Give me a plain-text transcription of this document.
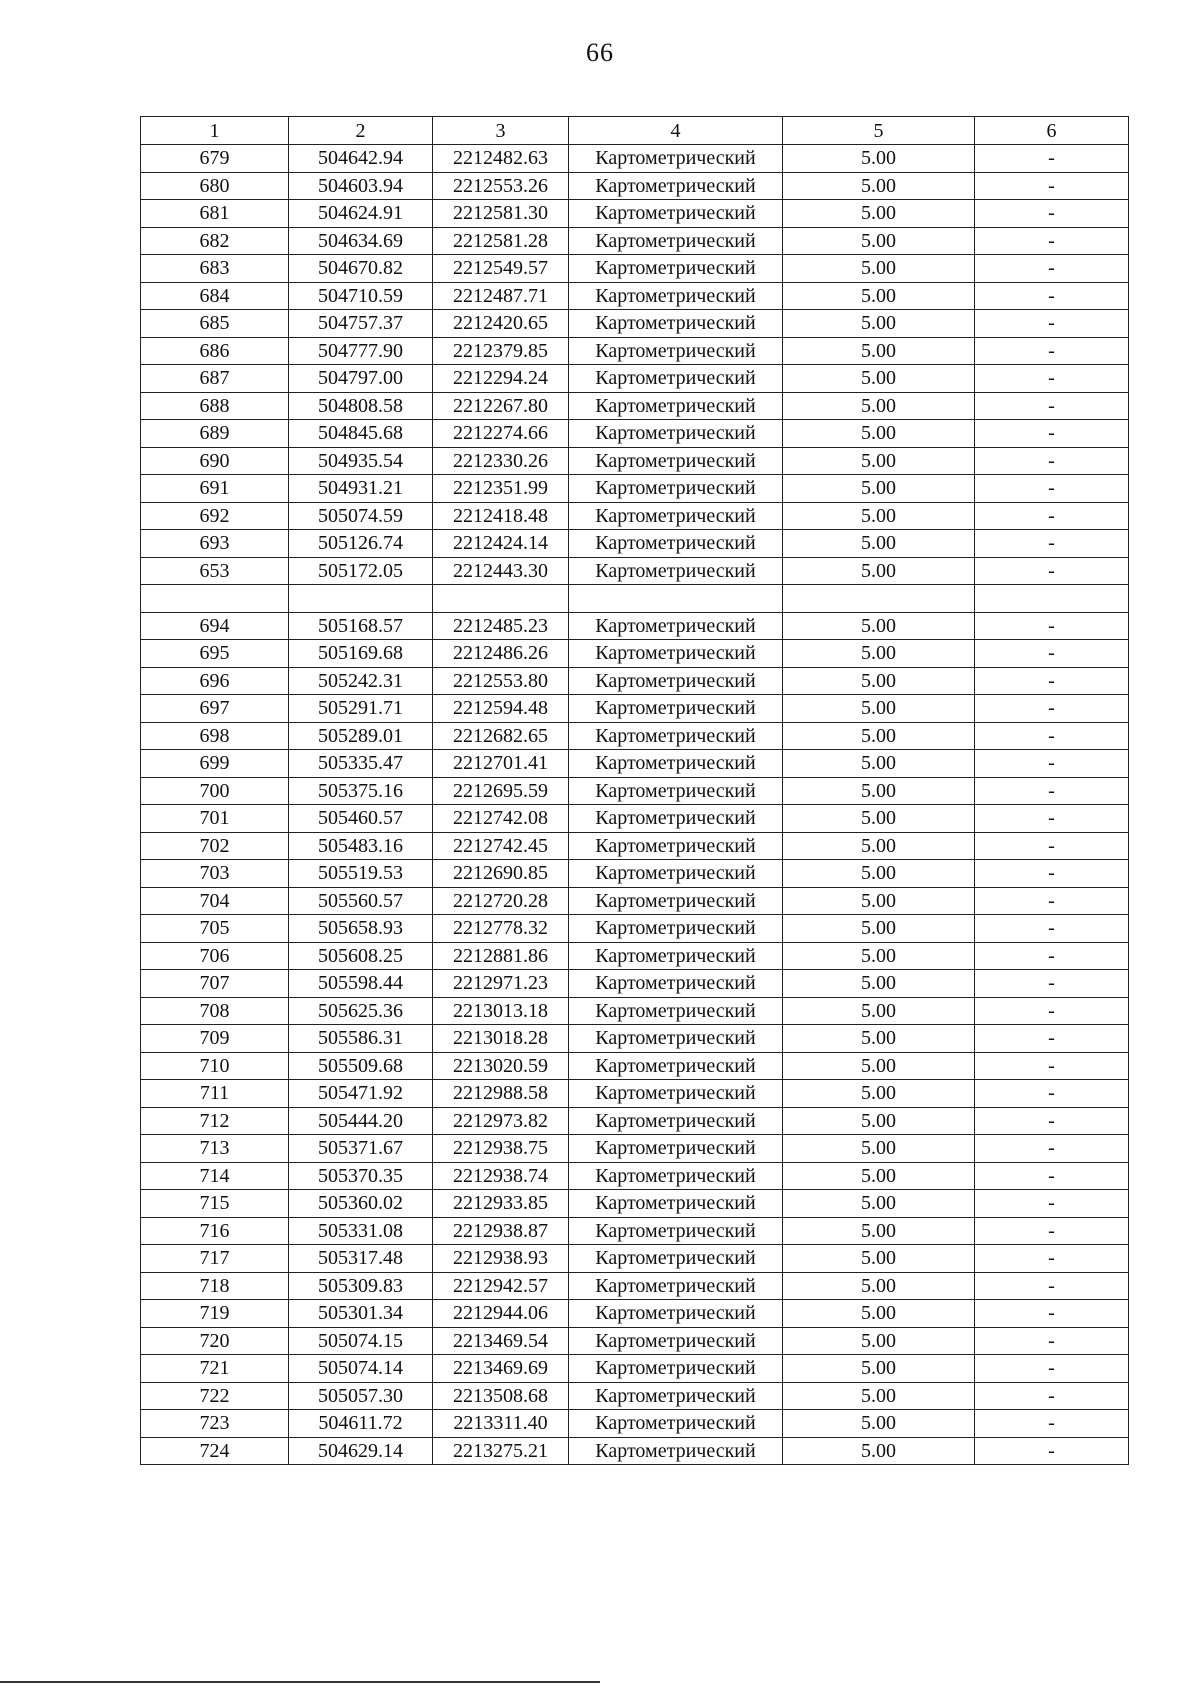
66
1	2	3	4	5	6
679	504642.94	2212482.63	Картометрический	5.00	-
680	504603.94	2212553.26	Картометрический	5.00	-
681	504624.91	2212581.30	Картометрический	5.00	-
682	504634.69	2212581.28	Картометрический	5.00	-
683	504670.82	2212549.57	Картометрический	5.00	-
684	504710.59	2212487.71	Картометрический	5.00	-
685	504757.37	2212420.65	Картометрический	5.00	-
686	504777.90	2212379.85	Картометрический	5.00	-
687	504797.00	2212294.24	Картометрический	5.00	-
688	504808.58	2212267.80	Картометрический	5.00	-
689	504845.68	2212274.66	Картометрический	5.00	-
690	504935.54	2212330.26	Картометрический	5.00	-
691	504931.21	2212351.99	Картометрический	5.00	-
692	505074.59	2212418.48	Картометрический	5.00	-
693	505126.74	2212424.14	Картометрический	5.00	-
653	505172.05	2212443.30	Картометрический	5.00	-

694	505168.57	2212485.23	Картометрический	5.00	-
695	505169.68	2212486.26	Картометрический	5.00	-
696	505242.31	2212553.80	Картометрический	5.00	-
697	505291.71	2212594.48	Картометрический	5.00	-
698	505289.01	2212682.65	Картометрический	5.00	-
699	505335.47	2212701.41	Картометрический	5.00	-
700	505375.16	2212695.59	Картометрический	5.00	-
701	505460.57	2212742.08	Картометрический	5.00	-
702	505483.16	2212742.45	Картометрический	5.00	-
703	505519.53	2212690.85	Картометрический	5.00	-
704	505560.57	2212720.28	Картометрический	5.00	-
705	505658.93	2212778.32	Картометрический	5.00	-
706	505608.25	2212881.86	Картометрический	5.00	-
707	505598.44	2212971.23	Картометрический	5.00	-
708	505625.36	2213013.18	Картометрический	5.00	-
709	505586.31	2213018.28	Картометрический	5.00	-
710	505509.68	2213020.59	Картометрический	5.00	-
711	505471.92	2212988.58	Картометрический	5.00	-
712	505444.20	2212973.82	Картометрический	5.00	-
713	505371.67	2212938.75	Картометрический	5.00	-
714	505370.35	2212938.74	Картометрический	5.00	-
715	505360.02	2212933.85	Картометрический	5.00	-
716	505331.08	2212938.87	Картометрический	5.00	-
717	505317.48	2212938.93	Картометрический	5.00	-
718	505309.83	2212942.57	Картометрический	5.00	-
719	505301.34	2212944.06	Картометрический	5.00	-
720	505074.15	2213469.54	Картометрический	5.00	-
721	505074.14	2213469.69	Картометрический	5.00	-
722	505057.30	2213508.68	Картометрический	5.00	-
723	504611.72	2213311.40	Картометрический	5.00	-
724	504629.14	2213275.21	Картометрический	5.00	-
